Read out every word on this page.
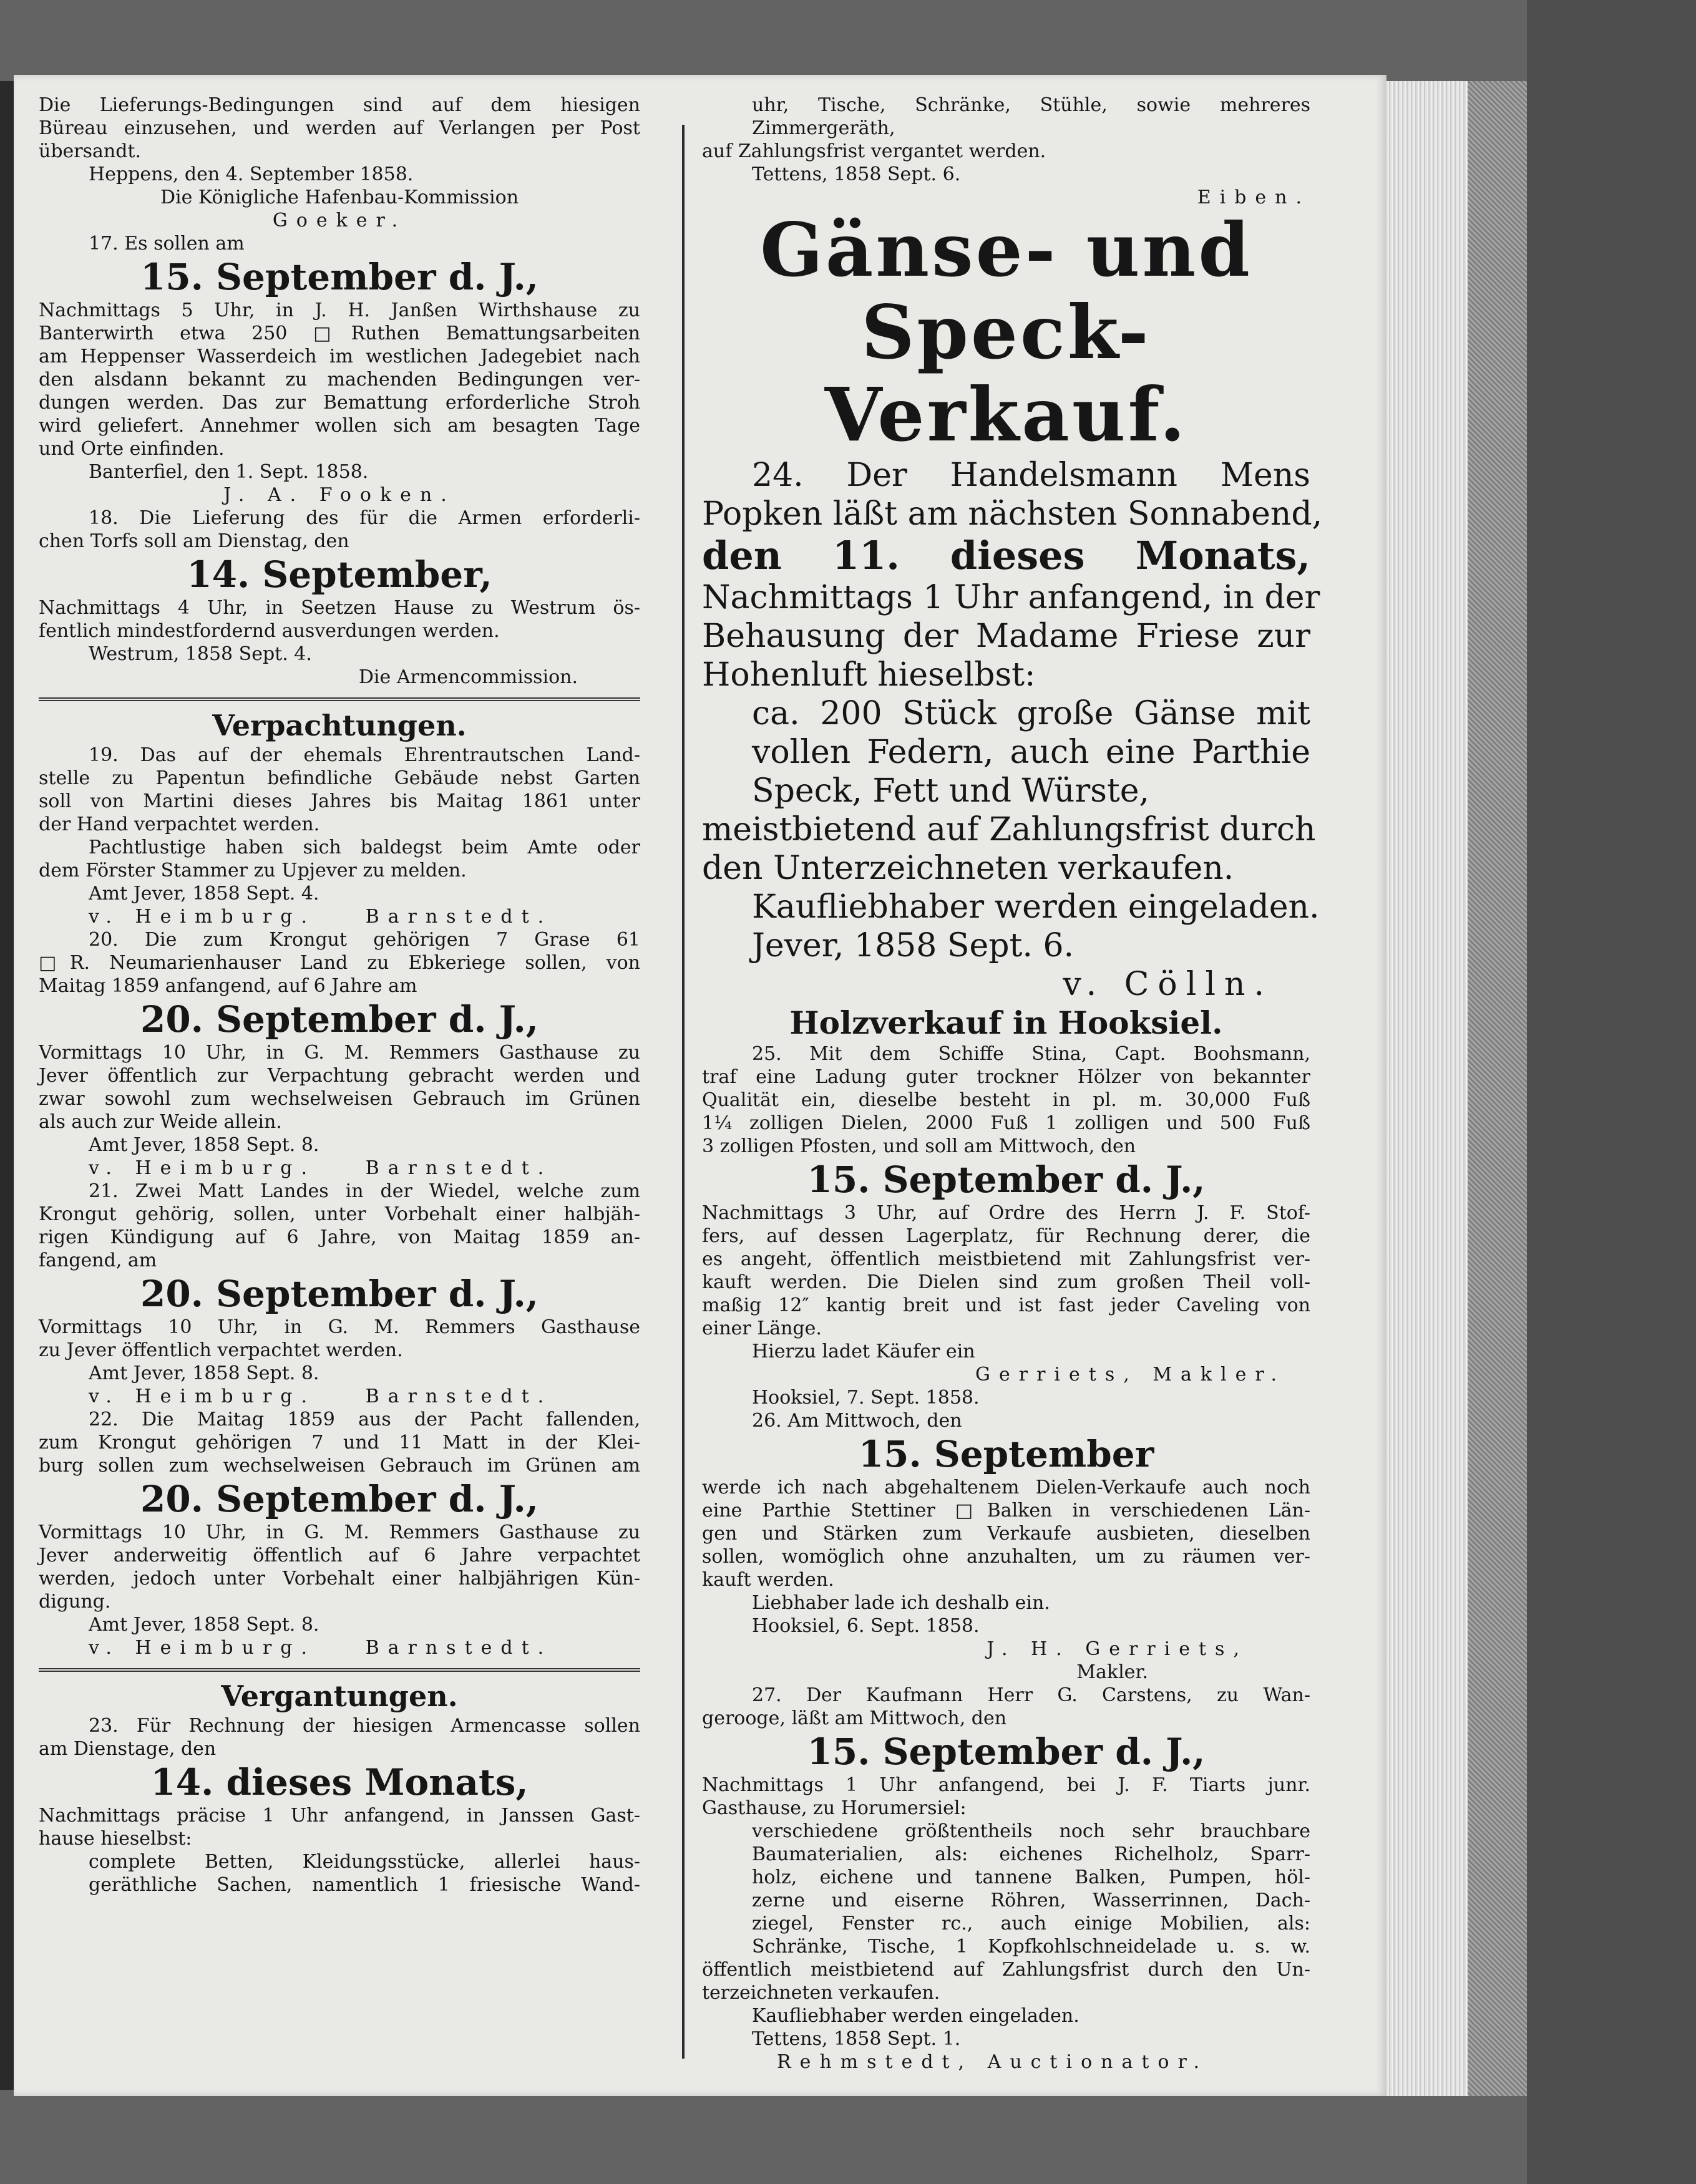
Die Lieferungs-Bedingungen sind auf dem hiesigen
Büreau einzusehen, und werden auf Verlangen per Post
übersandt.
Heppens, den 4. September 1858.
Die Königliche Hafenbau-Kommission
Goeker.
17. Es sollen am
15. September d. J.,
Nachmittags 5 Uhr, in J. H. Janßen Wirthshause zu
Banterwirth etwa 250 □Ruthen Bemattungsarbeiten
am Heppenser Wasserdeich im westlichen Jadegebiet nach
den alsdann bekannt zu machenden Bedingungen ver-
dungen werden. Das zur Bemattung erforderliche Stroh
wird geliefert. Annehmer wollen sich am besagten Tage
und Orte einfinden.
Banterfiel, den 1. Sept. 1858.
J. A. Fooken.
18. Die Lieferung des für die Armen erforderli-
chen Torfs soll am Dienstag, den
14. September,
Nachmittags 4 Uhr, in Seetzen Hause zu Westrum ös-
fentlich mindestfordernd ausverdungen werden.
Westrum, 1858 Sept. 4.
Die Armencommission.
Verpachtungen.
19. Das auf der ehemals Ehrentrautschen Land-
stelle zu Papentun befindliche Gebäude nebst Garten
soll von Martini dieses Jahres bis Maitag 1861 unter
der Hand verpachtet werden.
Pachtlustige haben sich baldegst beim Amte oder
dem Förster Stammer zu Upjever zu melden.
Amt Jever, 1858 Sept. 4.
v. Heimburg.	Barnstedt.
20. Die zum Krongut gehörigen 7 Grase 61
□R. Neumarienhauser Land zu Ebkeriege sollen, von
Maitag 1859 anfangend, auf 6 Jahre am
20. September d. J.,
Vormittags 10 Uhr, in G. M. Remmers Gasthause zu
Jever öffentlich zur Verpachtung gebracht werden und
zwar sowohl zum wechselweisen Gebrauch im Grünen
als auch zur Weide allein.
Amt Jever, 1858 Sept. 8.
v. Heimburg.	Barnstedt.
21. Zwei Matt Landes in der Wiedel, welche zum
Krongut gehörig, sollen, unter Vorbehalt einer halbjäh-
rigen Kündigung auf 6 Jahre, von Maitag 1859 an-
fangend, am
20. September d. J.,
Vormittags 10 Uhr, in G. M. Remmers Gasthause
zu Jever öffentlich verpachtet werden.
Amt Jever, 1858 Sept. 8.
v. Heimburg.	Barnstedt.
22. Die Maitag 1859 aus der Pacht fallenden,
zum Krongut gehörigen 7 und 11 Matt in der Klei-
burg sollen zum wechselweisen Gebrauch im Grünen am
20. September d. J.,
Vormittags 10 Uhr, in G. M. Remmers Gasthause zu
Jever anderweitig öffentlich auf 6 Jahre verpachtet
werden, jedoch unter Vorbehalt einer halbjährigen Kün-
digung.
Amt Jever, 1858 Sept. 8.
v. Heimburg.	Barnstedt.
Vergantungen.
23. Für Rechnung der hiesigen Armencasse sollen
am Dienstage, den
14. dieses Monats,
Nachmittags präcise 1 Uhr anfangend, in Janssen Gast-
hause hieselbst:
complete Betten, Kleidungsstücke, allerlei haus-
geräthliche Sachen, namentlich 1 friesische Wand-
uhr, Tische, Schränke, Stühle, sowie mehreres
Zimmergeräth,
auf Zahlungsfrist vergantet werden.
Tettens, 1858 Sept. 6.
Eiben.
Gänse- und Speck-
Verkauf.
24. Der Handelsmann Mens
Popken läßt am nächsten Sonnabend,
den 11. dieses Monats,
Nachmittags 1 Uhr anfangend, in der
Behausung der Madame Friese zur
Hohenluft hieselbst:
ca. 200 Stück große Gänse mit
vollen Federn, auch eine Parthie
Speck, Fett und Würste,
meistbietend auf Zahlungsfrist durch
den Unterzeichneten verkaufen.
Kaufliebhaber werden eingeladen.
Jever, 1858 Sept. 6.
v. Cölln.
Holzverkauf in Hooksiel.
25. Mit dem Schiffe Stina, Capt. Boohsmann,
traf eine Ladung guter trockner Hölzer von bekannter
Qualität ein, dieselbe besteht in pl. m. 30,000 Fuß
1¼ zolligen Dielen, 2000 Fuß 1 zolligen und 500 Fuß
3 zolligen Pfosten, und soll am Mittwoch, den
15. September d. J.,
Nachmittags 3 Uhr, auf Ordre des Herrn J. F. Stof-
fers, auf dessen Lagerplatz, für Rechnung derer, die
es angeht, öffentlich meistbietend mit Zahlungsfrist ver-
kauft werden. Die Dielen sind zum großen Theil voll-
maßig 12″ kantig breit und ist fast jeder Caveling von
einer Länge.
Hierzu ladet Käufer ein
Gerriets, Makler.
Hooksiel, 7. Sept. 1858.
26. Am Mittwoch, den
15. September
werde ich nach abgehaltenem Dielen-Verkaufe auch noch
eine Parthie Stettiner □Balken in verschiedenen Län-
gen und Stärken zum Verkaufe ausbieten, dieselben
sollen, womöglich ohne anzuhalten, um zu räumen ver-
kauft werden.
Liebhaber lade ich deshalb ein.
Hooksiel, 6. Sept. 1858.
J. H. Gerriets,
Makler.
27. Der Kaufmann Herr G. Carstens, zu Wan-
gerooge, läßt am Mittwoch, den
15. September d. J.,
Nachmittags 1 Uhr anfangend, bei J. F. Tiarts junr.
Gasthause, zu Horumersiel:
verschiedene größtentheils noch sehr brauchbare
Baumaterialien, als: eichenes Richelholz, Sparr-
holz, eichene und tannene Balken, Pumpen, höl-
zerne und eiserne Röhren, Wasserrinnen, Dach-
ziegel, Fenster rc., auch einige Mobilien, als:
Schränke, Tische, 1 Kopfkohlschneidelade u. s. w.
öffentlich meistbietend auf Zahlungsfrist durch den Un-
terzeichneten verkaufen.
Kaufliebhaber werden eingeladen.
Tettens, 1858 Sept. 1.
Rehmstedt, Auctionator.
